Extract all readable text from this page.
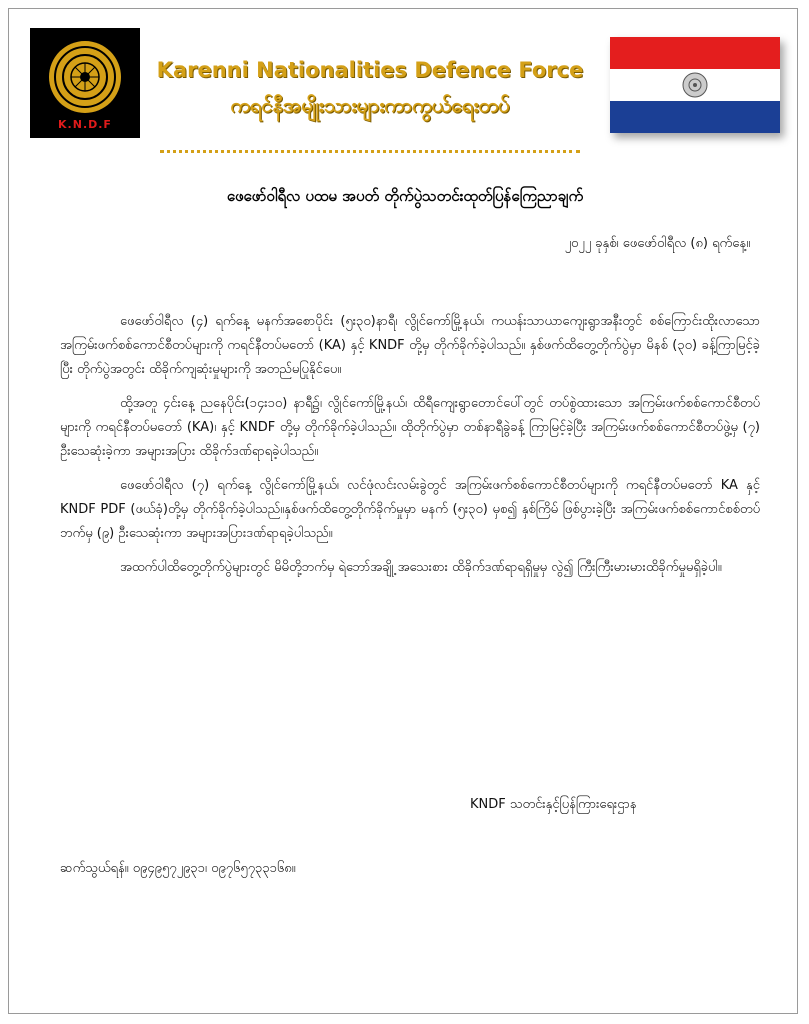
K.N.D.F
Karenni Nationalities Defence Force
ကရင်နီအမျိုးသားများကာကွယ်ရေးတပ်
ဖေဖော်ဝါရီလ ပထမ အပတ် တိုက်ပွဲသတင်းထုတ်ပြန်ကြေညာချက်
၂၀၂၂ ခုနှစ်၊ ဖေဖော်ဝါရီလ (၈) ရက်နေ့။

ဖေဖော်ဝါရီလ (၄) ရက်နေ့ မနက်အစောပိုင်း (၅း၃၀)နာရီ၊ လွိုင်ကော်မြို့နယ်၊ ကယန်းသာယာကျေးရွာအနီးတွင် စစ်ကြောင်းထိုးလာသော အကြမ်းဖက်စစ်ကောင်စီတပ်များကို ကရင်နီတပ်မတော် (KA) နှင့် KNDF တို့မှ တိုက်ခိုက်ခဲ့ပါသည်။ နှစ်ဖက်ထိတွေ့တိုက်ပွဲမှာ မိနစ် (၃၀) ခန့်ကြာမြင့်ခဲ့ပြီး တိုက်ပွဲအတွင်း ထိခိုက်ကျဆုံးမှုများကို အတည်မပြုနိုင်ပေ။

ထို့အတူ ၄င်းနေ့ ညနေပိုင်း(၁၄း၁၀) နာရီ၌၊ လွိုင်ကော်မြို့နယ်၊ ထိရီကျေးရွာတောင်ပေါ်တွင် တပ်စွဲထားသော အကြမ်းဖက်စစ်ကောင်စီတပ်များကို ကရင်နီတပ်မတော် (KA)၊ နှင့် KNDF တို့မှ တိုက်ခိုက်ခဲ့ပါသည်။ ထိုတိုက်ပွဲမှာ တစ်နာရီခွဲခန့် ကြာမြင့်ခဲ့ပြီး အကြမ်းဖက်စစ်ကောင်စီတပ်ဖွဲ့မှ (၇) ဦးသေဆုံးခဲ့ကာ အများအပြား ထိခိုက်ဒဏ်ရာရခဲ့ပါသည်။

ဖေဖော်ဝါရီလ (၇) ရက်နေ့ လွိုင်ကော်မြို့နယ်၊ လင်ဖုံလင်းလမ်းခွဲတွင် အကြမ်းဖက်စစ်ကောင်စီတပ်များကို ကရင်နီတပ်မတော် KA နှင့် KNDF PDF (ဖယ်ခုံ)တို့မှ တိုက်ခိုက်ခဲ့ပါသည်။နှစ်ဖက်ထိတွေ့တိုက်ခိုက်မှုမှာ မနက် (၅း၃၀) မှစ၍ နှစ်ကြိမ် ဖြစ်ပွားခဲ့ပြီး အကြမ်းဖက်စစ်ကောင်စစ်တပ်ဘက်မှ (၉) ဦးသေဆုံးကာ အများအပြားဒဏ်ရာရခဲ့ပါသည်။

အထက်ပါထိတွေ့တိုက်ပွဲများတွင် မိမိတို့ဘက်မှ ရဲဘော်အချို့ အသေးစား ထိခိုက်ဒဏ်ရာရရှိမှုမှ လွဲ၍ ကြီးကြီးမားမားထိခိုက်မှုမရှိခဲ့ပါ။

KNDF သတင်းနှင့်ပြန်ကြားရေးဌာန
ဆက်သွယ်ရန်။ ၀၉၄၉၅၇၂၉၃၁၊ ၀၉၇၆၅၇၃၃၁၆၈။
